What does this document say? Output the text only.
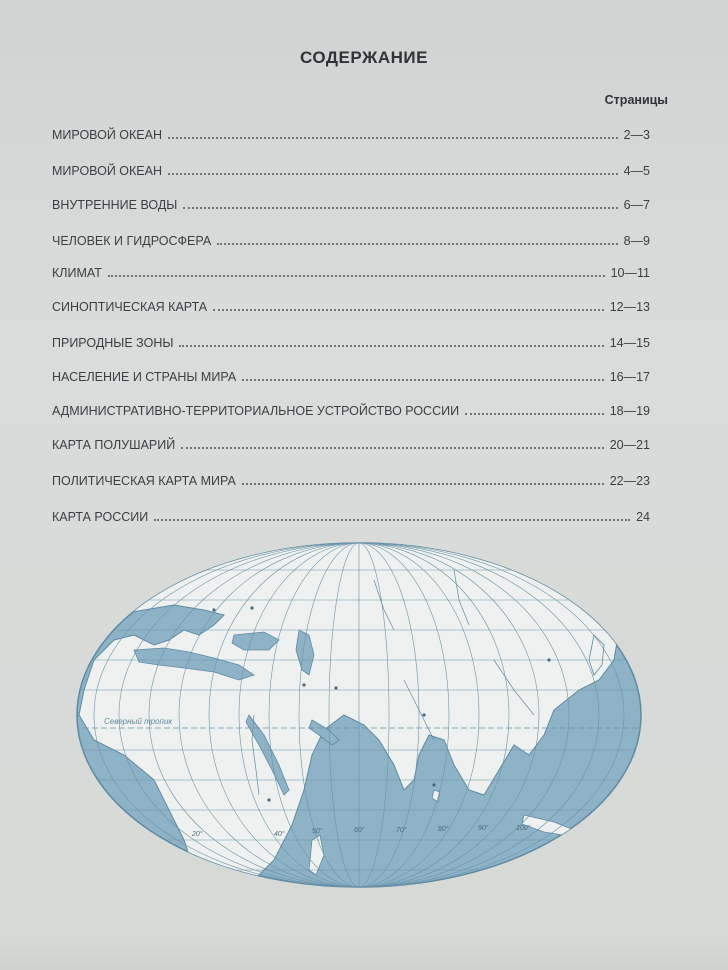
СОДЕРЖАНИЕ
Страницы
МИРОВОЙ ОКЕАН	2—3
МИРОВОЙ ОКЕАН	4—5
ВНУТРЕННИЕ ВОДЫ	6—7
ЧЕЛОВЕК И ГИДРОСФЕРА	8—9
КЛИМАТ	10—11
СИНОПТИЧЕСКАЯ КАРТА	12—13
ПРИРОДНЫЕ ЗОНЫ	14—15
НАСЕЛЕНИЕ И СТРАНЫ МИРА	16—17
АДМИНИСТРАТИВНО-ТЕРРИТОРИАЛЬНОЕ УСТРОЙСТВО РОССИИ	18—19
КАРТА ПОЛУШАРИЙ	20—21
ПОЛИТИЧЕСКАЯ КАРТА МИРА	22—23
КАРТА РОССИИ	24
Северный тропик
20°	40°	50°	60°	70°	80°	90°	100°
